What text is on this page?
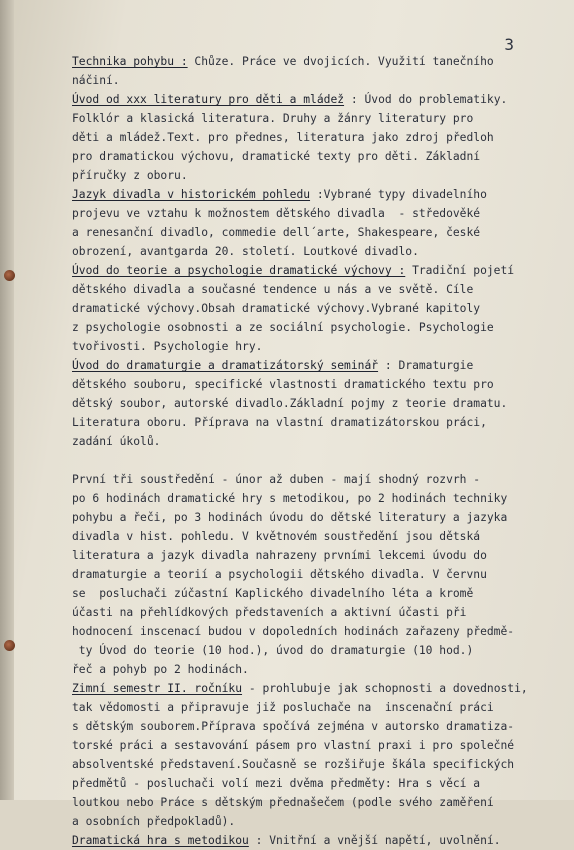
3

Technika pohybu : Chůze. Práce ve dvojicích. Využití tanečního
náčiní.

Úvod od xxx literatury pro děti a mládež : Úvod do problematiky.
Folklór a klasická literatura. Druhy a žánry literatury pro
děti a mládež.Text. pro přednes, literatura jako zdroj předloh
pro dramatickou výchovu, dramatické texty pro děti. Základní
příručky z oboru.

Jazyk divadla v historickém pohledu :Vybrané typy divadelního
projevu ve vztahu k možnostem dětského divadla  - středověké
a renesanční divadlo, commedie dell´arte, Shakespeare, české
obrození, avantgarda 20. století. Loutkové divadlo.

Úvod do teorie a psychologie dramatické výchovy : Tradiční pojetí
dětského divadla a současné tendence u nás a ve světě. Cíle
dramatické výchovy.Obsah dramatické výchovy.Vybrané kapitoly
z psychologie osobnosti a ze sociální psychologie. Psychologie
tvořivosti. Psychologie hry.

Úvod do dramaturgie a dramatizátorský seminář : Dramaturgie
dětského souboru, specifické vlastnosti dramatického textu pro
dětský soubor, autorské divadlo.Základní pojmy z teorie dramatu.
Literatura oboru. Příprava na vlastní dramatizátorskou práci,
zadání úkolů.

První tři soustředění - únor až duben - mají shodný rozvrh -
po 6 hodinách dramatické hry s metodikou, po 2 hodinách techniky
pohybu a řeči, po 3 hodinách úvodu do dětské literatury a jazyka
divadla v hist. pohledu. V květnovém soustředění jsou dětská
literatura a jazyk divadla nahrazeny prvními lekcemi úvodu do
dramaturgie a teorií a psychologii dětského divadla. V červnu
se  posluchači zúčastní Kaplického divadelního léta a kromě
účasti na přehlídkových představeních a aktivní účasti při
hodnocení inscenací budou v dopoledních hodinách zařazeny předmě-
ty Úvod do teorie (10 hod.), úvod do dramaturgie (10 hod.)
řeč a pohyb po 2 hodinách.

Zimní semestr II. ročníku - prohlubuje jak schopnosti a dovednosti,
tak vědomosti a připravuje již posluchače na  inscenační práci
s dětským souborem.Příprava spočívá zejména v autorsko dramatiza-
torské práci a sestavování pásem pro vlastní praxi i pro společné
absolventské představení.Současně se rozšiřuje škála specifických
předmětů - posluchači volí mezi dvěma předměty: Hra s věcí a
loutkou nebo Práce s dětským přednašečem (podle svého zaměření
a osobních předpokladů).

Dramatická hra s metodikou : Vnitřní a vnější napětí, uvolnění.
